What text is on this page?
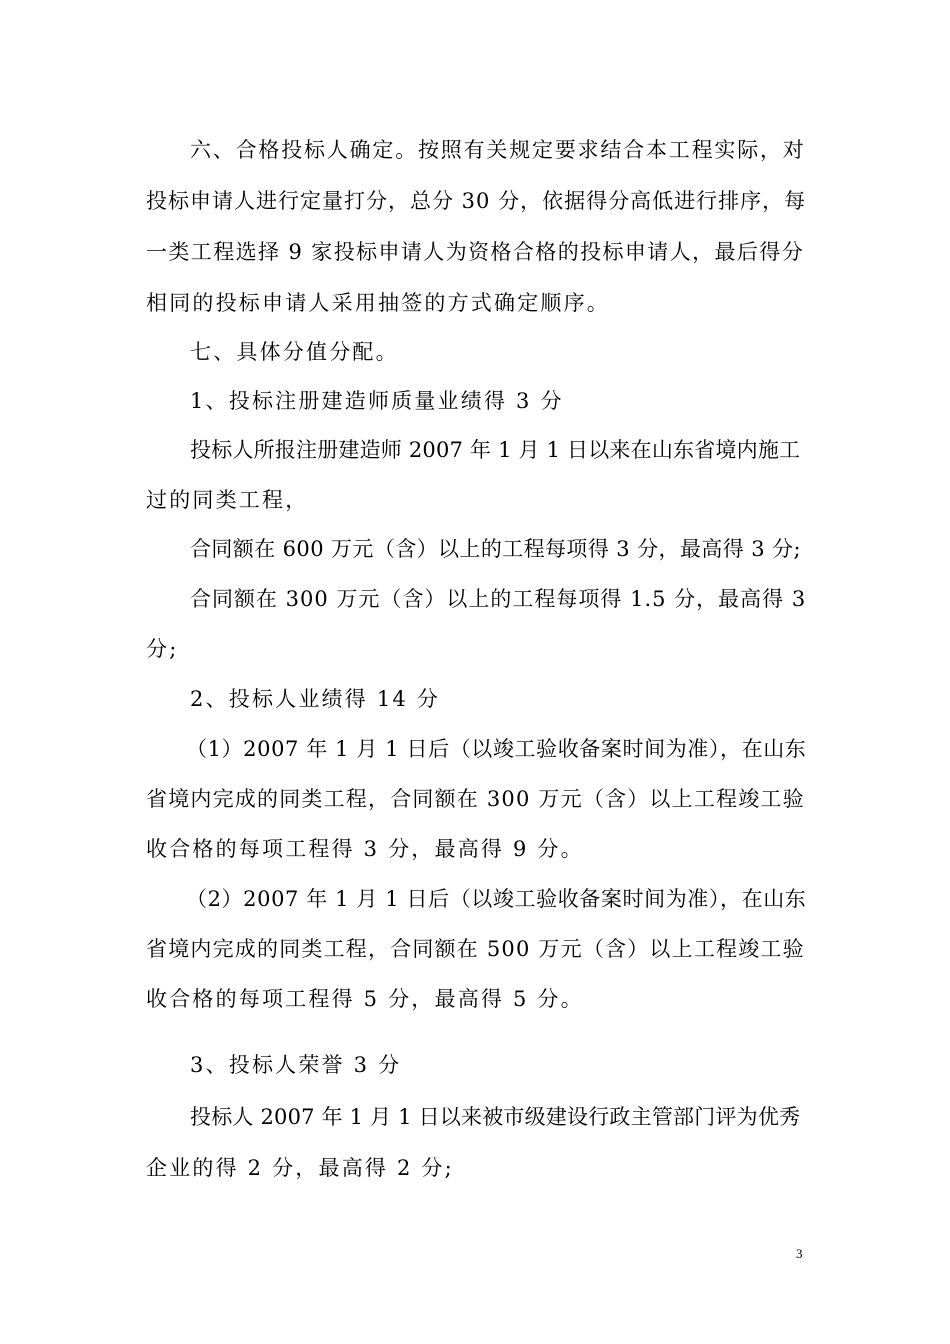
六、合格投标人确定。按照有关规定要求结合本工程实际，对
投标申请人进行定量打分，总分 30 分，依据得分高低进行排序，每
一类工程选择 9 家投标申请人为资格合格的投标申请人，最后得分
相同的投标申请人采用抽签的方式确定顺序。
七、具体分值分配。
1、投标注册建造师质量业绩得 3 分
投标人所报注册建造师 2007 年 1 月 1 日以来在山东省境内施工
过的同类工程，
合同额在 600 万元（含）以上的工程每项得 3 分，最高得 3 分;
合同额在 300 万元（含）以上的工程每项得 1.5 分，最高得 3
分;
2、投标人业绩得 14 分
（1）2007 年 1 月 1 日后（以竣工验收备案时间为准），在山东
省境内完成的同类工程，合同额在 300 万元（含）以上工程竣工验
收合格的每项工程得 3 分，最高得 9 分。
（2）2007 年 1 月 1 日后（以竣工验收备案时间为准），在山东
省境内完成的同类工程，合同额在 500 万元（含）以上工程竣工验
收合格的每项工程得 5 分，最高得 5 分。
3、投标人荣誉 3 分
投标人 2007 年 1 月 1 日以来被市级建设行政主管部门评为优秀
企业的得 2 分，最高得 2 分;
3
